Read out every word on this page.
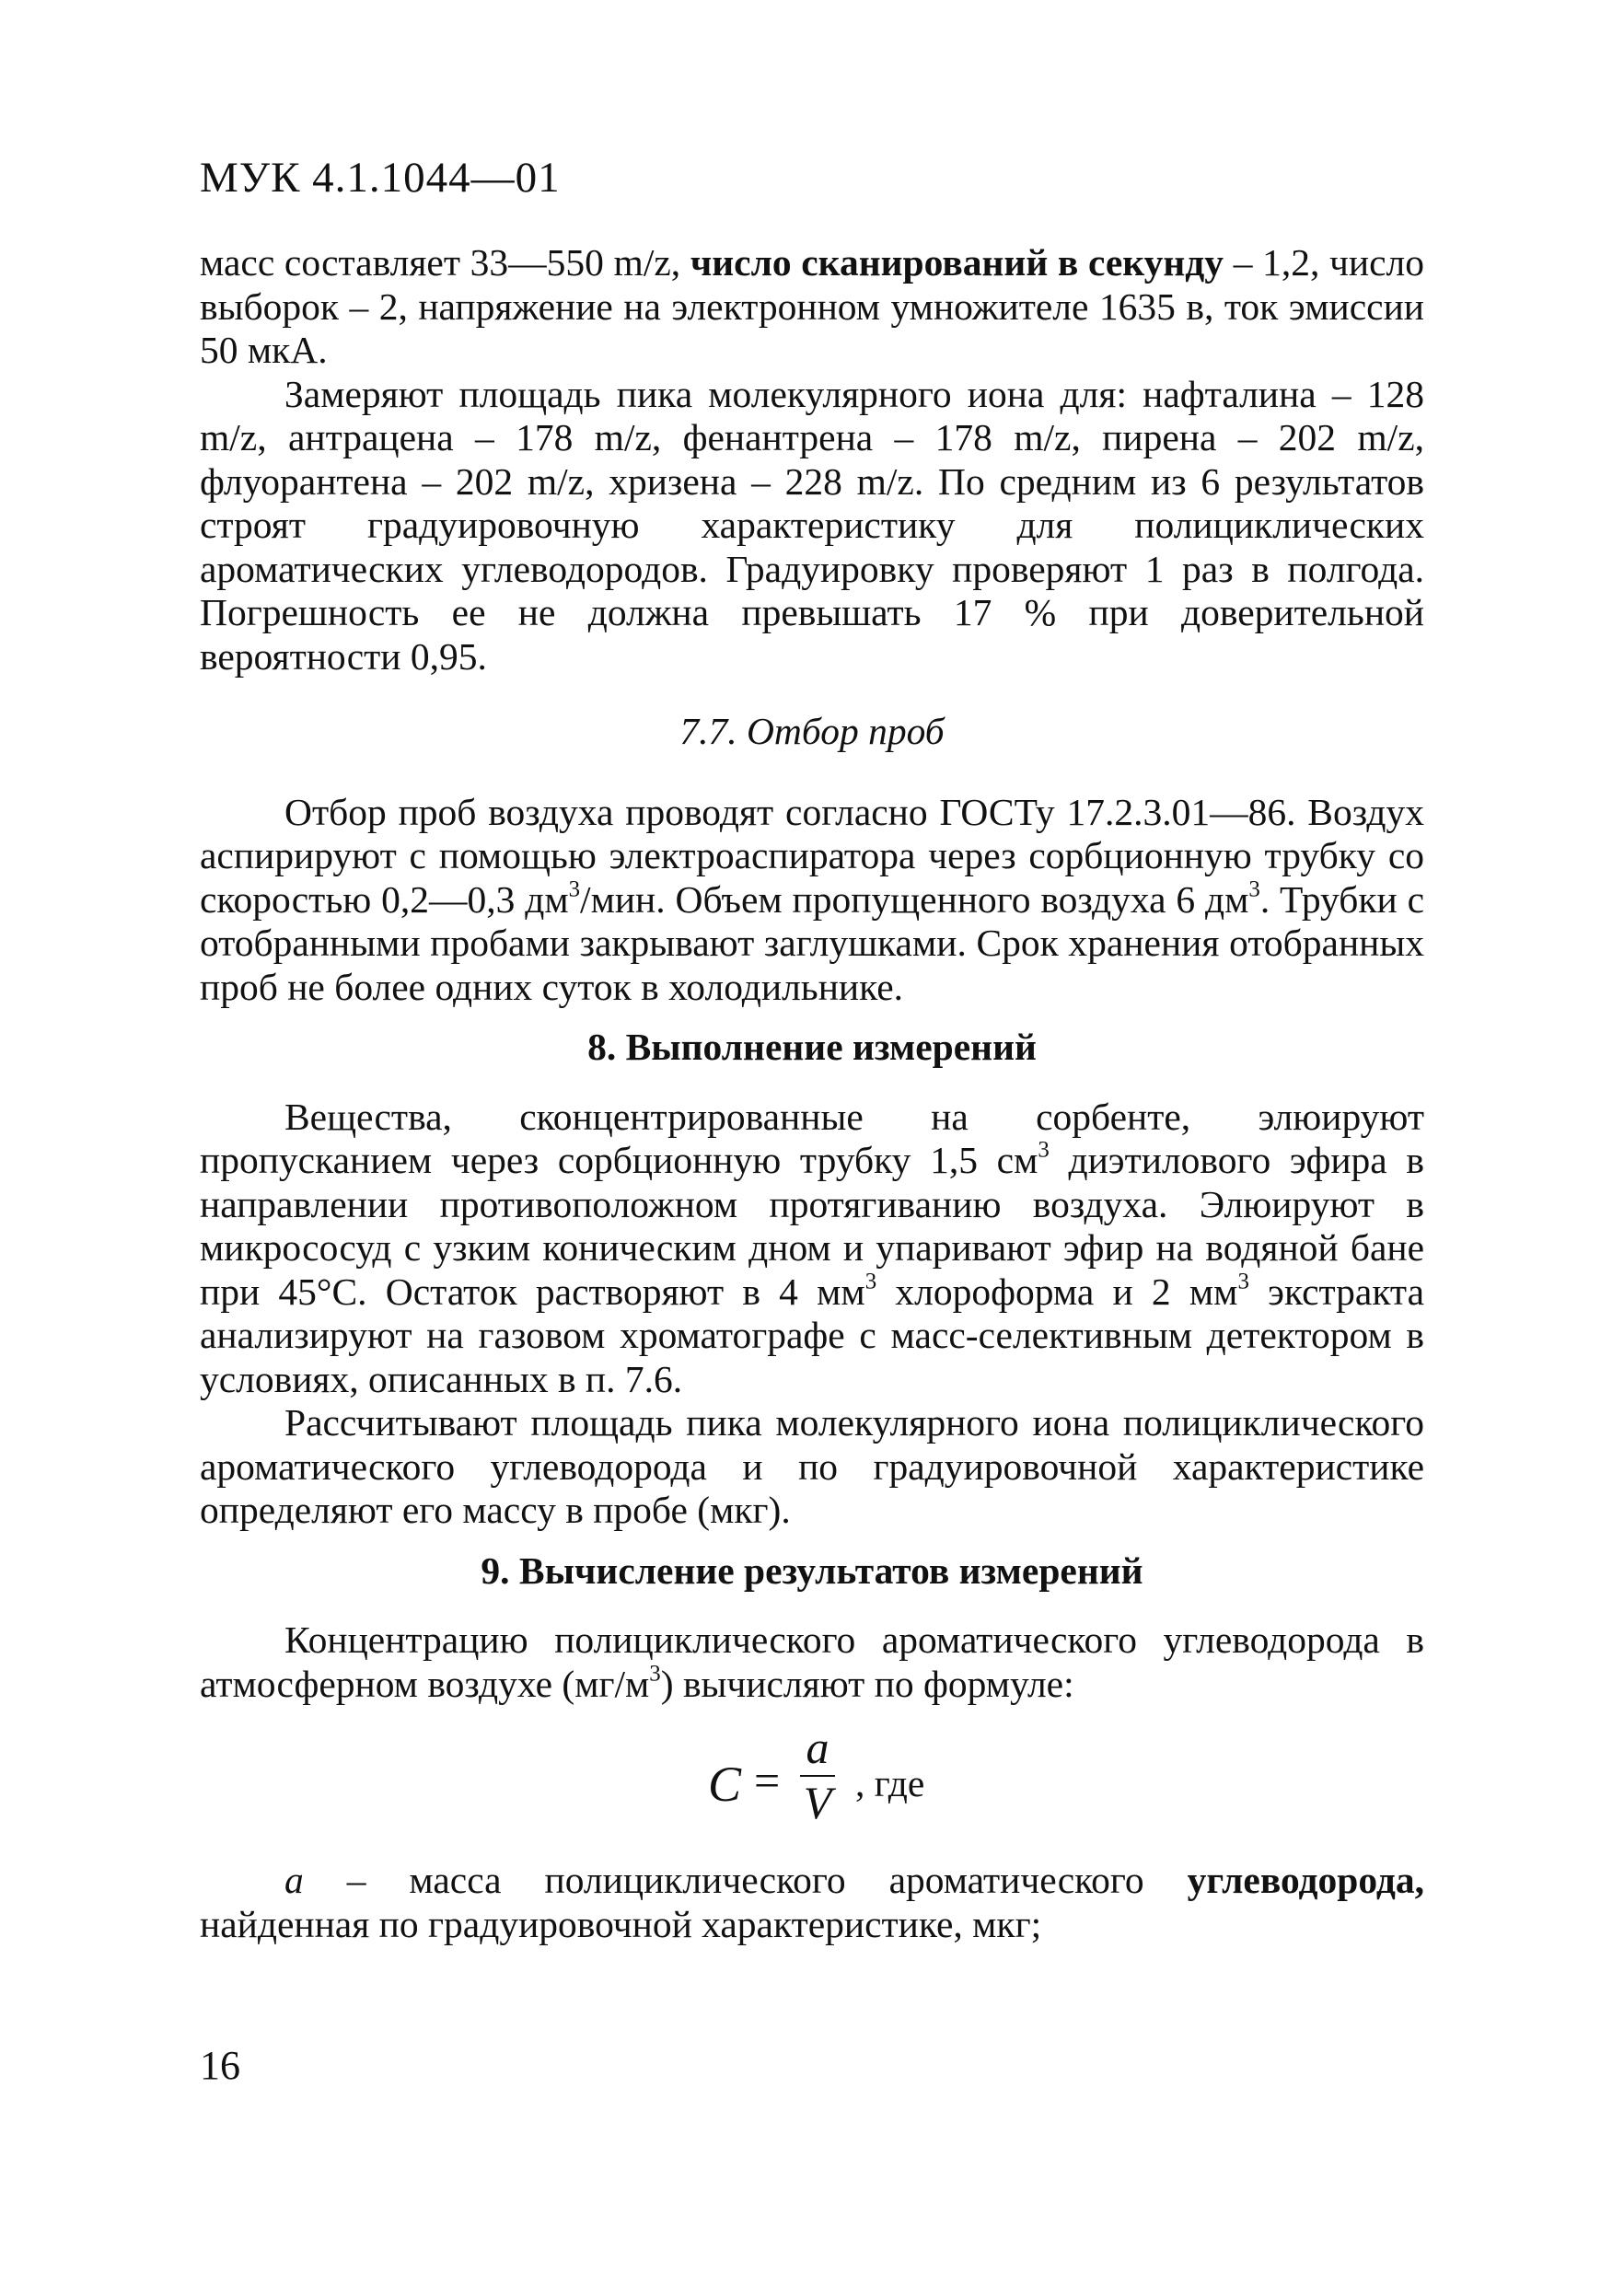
МУК 4.1.1044—01

масс составляет 33—550 m/z, число сканирований в секунду – 1,2, число выборок – 2, напряжение на электронном умножителе 1635 в, ток эмиссии 50 мкА.

Замеряют площадь пика молекулярного иона для: нафталина – 128 m/z, антрацена – 178 m/z, фенантрена – 178 m/z, пирена – 202 m/z, флуорантена – 202 m/z, хризена – 228 m/z. По средним из 6 результатов строят градуировочную характеристику для полициклических ароматических углеводородов. Градуировку проверяют 1 раз в полгода. Погрешность ее не должна превышать 17 % при доверительной вероятности 0,95.

7.7. Отбор проб

Отбор проб воздуха проводят согласно ГОСТу 17.2.3.01—86. Воздух аспирируют с помощью электроаспиратора через сорбционную трубку со скоростью 0,2—0,3 $дм^3$/мин. Объем пропущенного воздуха 6 $дм^3$. Трубки с отобранными пробами закрывают заглушками. Срок хранения отобранных проб не более одних суток в холодильнике.

8. Выполнение измерений

Вещества, сконцентрированные на сорбенте, элюируют пропусканием через сорбционную трубку 1,5 $см^3$ диэтилового эфира в направлении противоположном протягиванию воздуха. Элюируют в микрососуд с узким коническим дном и упаривают эфир на водяной бане при 45°С. Остаток растворяют в 4 $мм^3$ хлороформа и 2 $мм^3$ экстракта анализируют на газовом хроматографе с масс-селективным детектором в условиях, описанных в п. 7.6.

Рассчитывают площадь пика молекулярного иона полициклического ароматического углеводорода и по градуировочной характеристике определяют его массу в пробе (мкг).

9. Вычисление результатов измерений

Концентрацию полициклического ароматического углеводорода в атмосферном воздухе $(мг/м^3)$ вычисляют по формуле:

C =
a
V , где

a – масса полициклического ароматического углеводорода, найденная по градуировочной характеристике, мкг;

16
